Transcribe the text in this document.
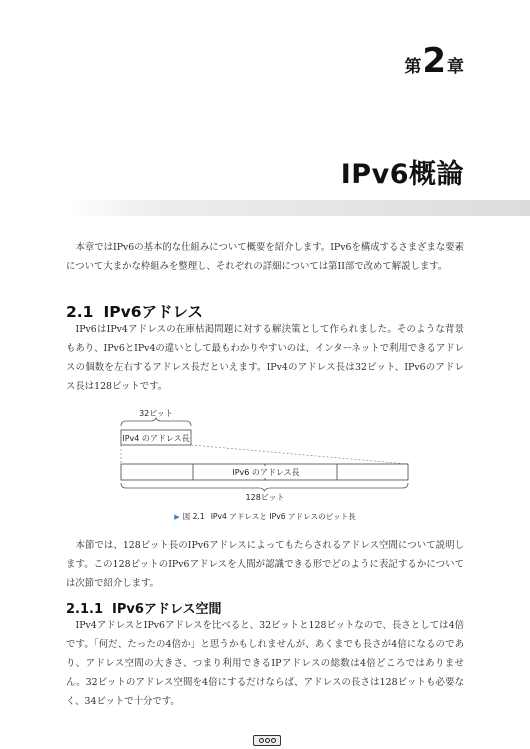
第 2 章
IPv6概論

本章ではIPv6の基本的な仕組みについて概要を紹介します。IPv6を構成するさまざまな要素について大まかな枠組みを整理し、それぞれの詳細については第II部で改めて解説します。

2.1 IPv6アドレス

IPv6はIPv4アドレスの在庫枯渇問題に対する解決策として作られました。そのような背景もあり、IPv6とIPv4の違いとして最もわかりやすいのは、インターネットで利用できるアドレスの個数を左右するアドレス長だといえます。IPv4のアドレス長は32ビット、IPv6のアドレス長は128ビットです。

32ビット
IPv4 のアドレス長
IPv6 のアドレス長
128ビット
▶ 図 2.1 IPv4 アドレスと IPv6 アドレスのビット長

本節では、128ビット長のIPv6アドレスによってもたらされるアドレス空間について説明します。この128ビットのIPv6アドレスを人間が認識できる形でどのように表記するかについては次節で紹介します。

2.1.1 IPv6アドレス空間

IPv4アドレスとIPv6アドレスを比べると、32ビットと128ビットなので、長さとしては4倍です。「何だ、たったの4倍か」と思うかもしれませんが、あくまでも長さが4倍になるのであり、アドレス空間の大きさ、つまり利用できるIPアドレスの総数は4倍どころではありません。32ビットのアドレス空間を4倍にするだけならば、アドレスの長さは128ビットも必要なく、34ビットで十分です。
